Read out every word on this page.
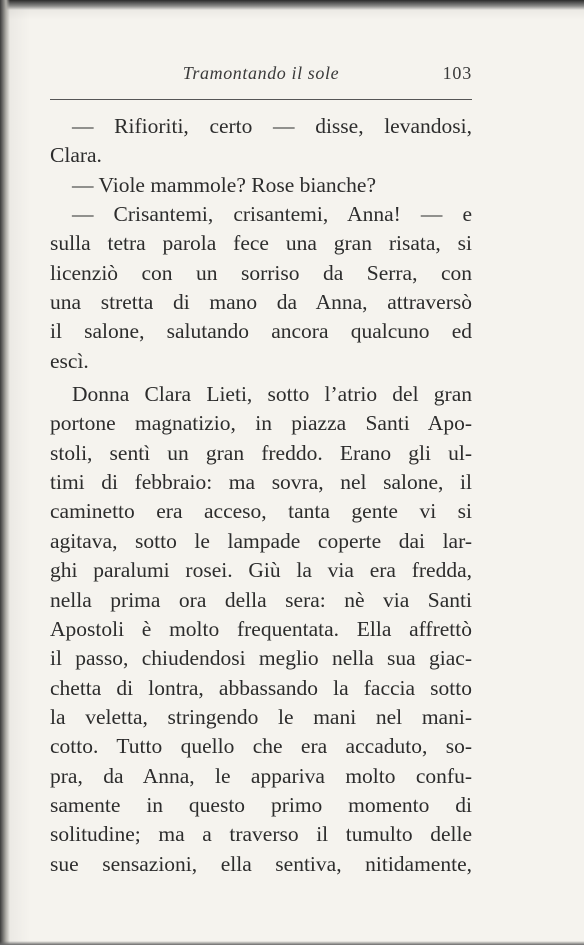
Tramontando il sole	103
— Rifioriti, certo — disse, levandosi,
Clara.
— Viole mammole? Rose bianche?
— Crisantemi, crisantemi, Anna! — e
sulla tetra parola fece una gran risata, si
licenziò con un sorriso da Serra, con
una stretta di mano da Anna, attraversò
il salone, salutando ancora qualcuno ed
escì.
Donna Clara Lieti, sotto l’atrio del gran
portone magnatizio, in piazza Santi Apo-
stoli, sentì un gran freddo. Erano gli ul-
timi di febbraio: ma sovra, nel salone, il
caminetto era acceso, tanta gente vi si
agitava, sotto le lampade coperte dai lar-
ghi paralumi rosei. Giù la via era fredda,
nella prima ora della sera: nè via Santi
Apostoli è molto frequentata. Ella affrettò
il passo, chiudendosi meglio nella sua giac-
chetta di lontra, abbassando la faccia sotto
la veletta, stringendo le mani nel mani-
cotto. Tutto quello che era accaduto, so-
pra, da Anna, le appariva molto confu-
samente in questo primo momento di
solitudine; ma a traverso il tumulto delle
sue sensazioni, ella sentiva, nitidamente,
